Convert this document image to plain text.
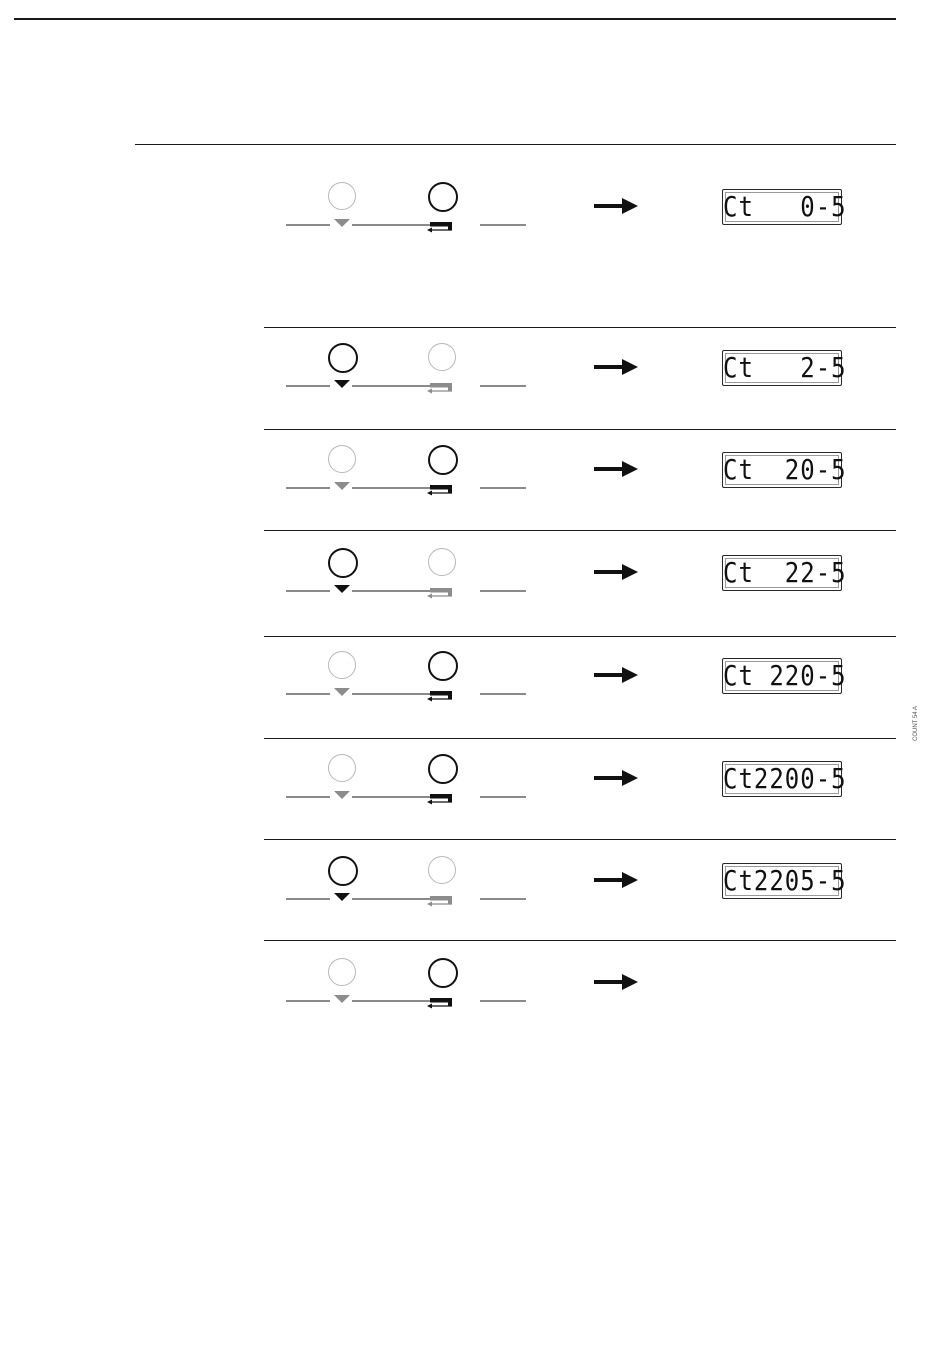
Ct   0-5
Ct   2-5
Ct  20-5
Ct  22-5
Ct 220-5
Ct2200-5
Ct2205-5
COUNT 54 A
